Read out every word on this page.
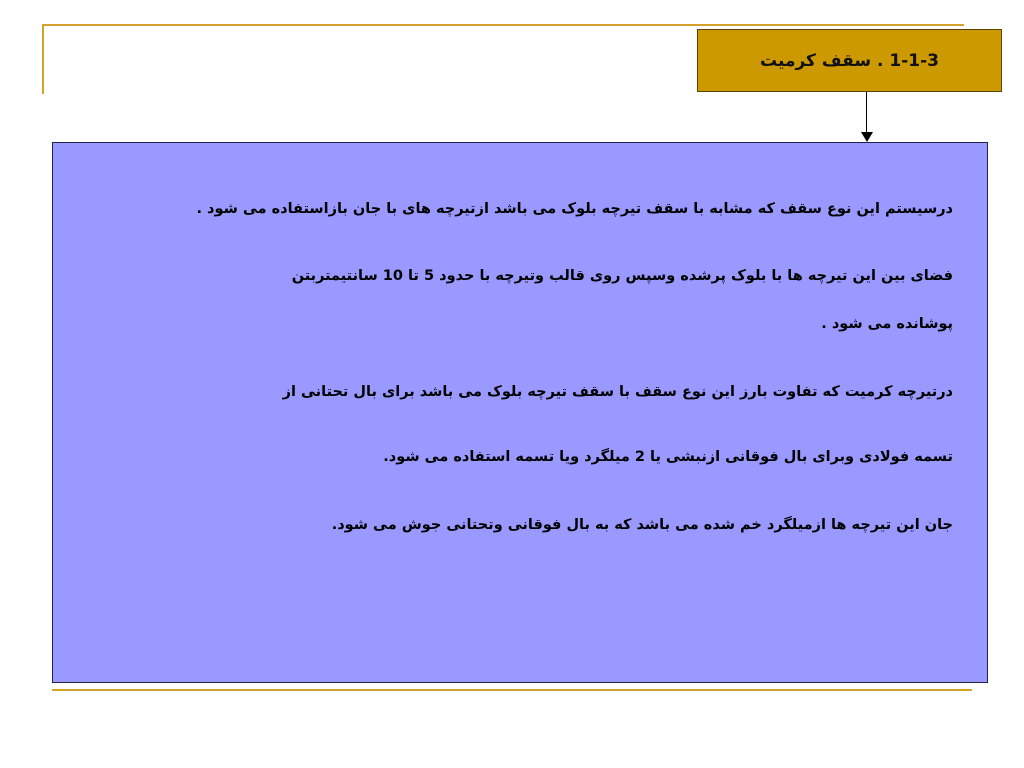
1-1-3 . سقف کرمیت
درسیستم این نوع سقف که مشابه با سقف تیرچه بلوک می باشد ازتیرچه های با جان بازاستفاده می شود .
فضای بین این تیرچه ها با بلوک پرشده وسپس روی قالب وتیرچه با حدود 5 تا 10 سانتیمتربتن
پوشانده می شود .
درتیرچه کرمیت که تفاوت بارز این نوع سقف با سقف تیرچه بلوک می باشد برای بال تحتانی از
تسمه فولادی وبرای بال فوقانی ازنبشی یا 2 میلگرد ویا تسمه استفاده می شود.
جان این تیرچه ها ازمیلگرد خم شده می باشد که به بال فوقانی وتحتانی جوش می شود.
